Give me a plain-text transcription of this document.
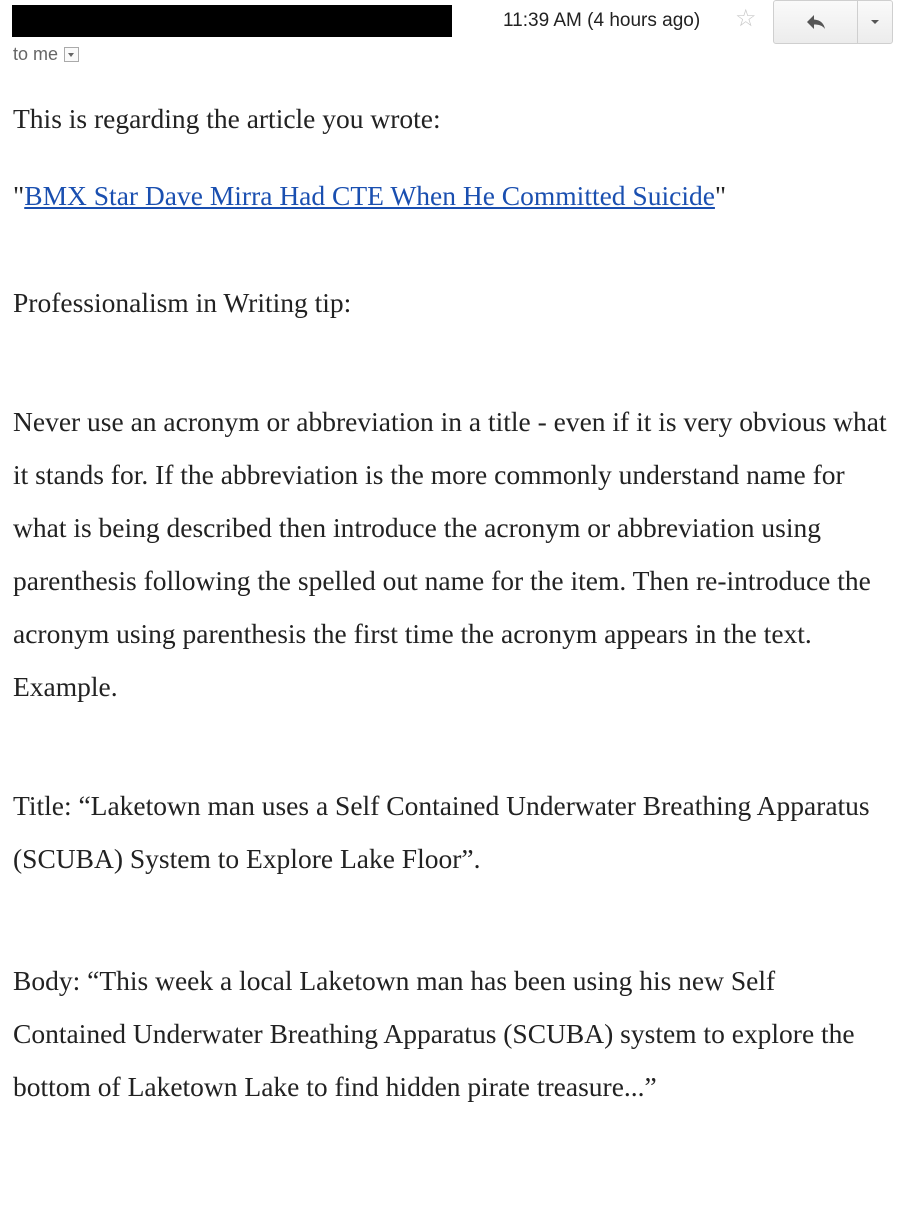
11:39 AM (4 hours ago) ☆
to me

This is regarding the article you wrote:

"BMX Star Dave Mirra Had CTE When He Committed Suicide"

Professionalism in Writing tip:

Never use an acronym or abbreviation in a title - even if it is very obvious what it stands for. If the abbreviation is the more commonly understand name for what is being described then introduce the acronym or abbreviation using parenthesis following the spelled out name for the item. Then re-introduce the acronym using parenthesis the first time the acronym appears in the text. Example.

Title: “Laketown man uses a Self Contained Underwater Breathing Apparatus (SCUBA) System to Explore Lake Floor”.

Body: “This week a local Laketown man has been using his new Self Contained Underwater Breathing Apparatus (SCUBA) system to explore the bottom of Laketown Lake to find hidden pirate treasure...”
